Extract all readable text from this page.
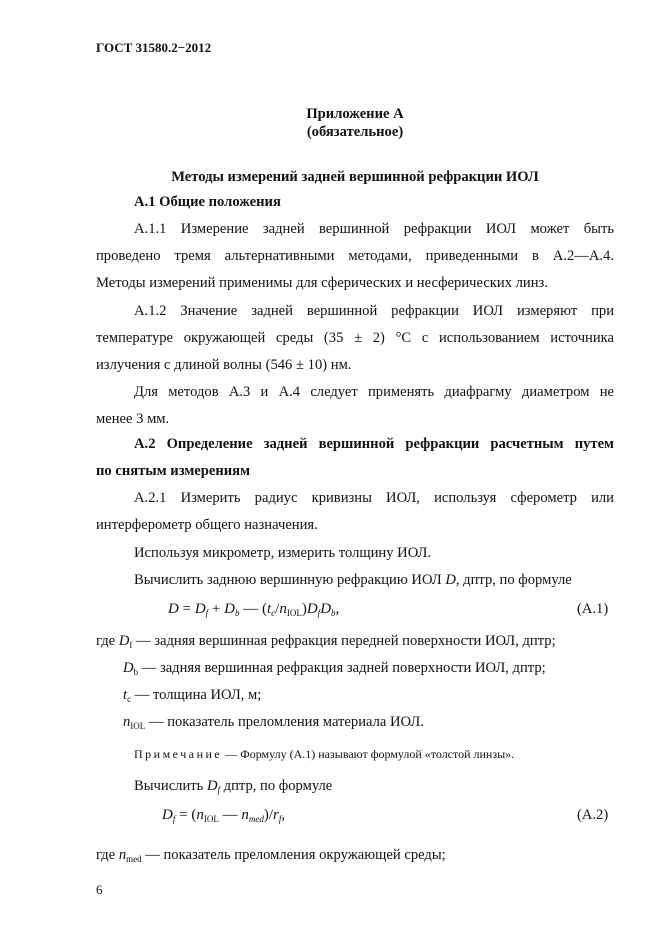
ГОСТ 31580.2−2012
Приложение А
(обязательное)
Методы измерений задней вершинной рефракции ИОЛ
А.1 Общие положения
А.1.1 Измерение задней вершинной рефракции ИОЛ может быть
проведено тремя альтернативными методами, приведенными в А.2—А.4.
Методы измерений применимы для сферических и несферических линз.
А.1.2 Значение задней вершинной рефракции ИОЛ измеряют при
температуре окружающей среды (35 ± 2) °С с использованием источника
излучения с длиной волны (546 ± 10) нм.
Для методов А.3 и А.4 следует применять диафрагму диаметром не
менее 3 мм.
А.2 Определение задней вершинной рефракции расчетным путем
по снятым измерениям
А.2.1 Измерить радиус кривизны ИОЛ, используя сферометр или
интерферометр общего назначения.
Используя микрометр, измерить толщину ИОЛ.
Вычислить заднюю вершинную рефракцию ИОЛ D, дптр, по формуле
$D = D_f + D_b$ — $(t_c/n_{IOL})D_fD_b$,	(А.1)
где $D_f$ — задняя вершинная рефракция передней поверхности ИОЛ, дптр;
$D_b$ — задняя вершинная рефракция задней поверхности ИОЛ, дптр;
$t_c$ — толщина ИОЛ, м;
$n_{IOL}$ — показатель преломления материала ИОЛ.
Примечание — Формулу (А.1) называют формулой «толстой линзы».
Вычислить $D_f$ дптр, по формуле
$D_f = (n_{IOL}$ — $n_{med})/r_f$,	(А.2)
где $n_{med}$ — показатель преломления окружающей среды;
6
